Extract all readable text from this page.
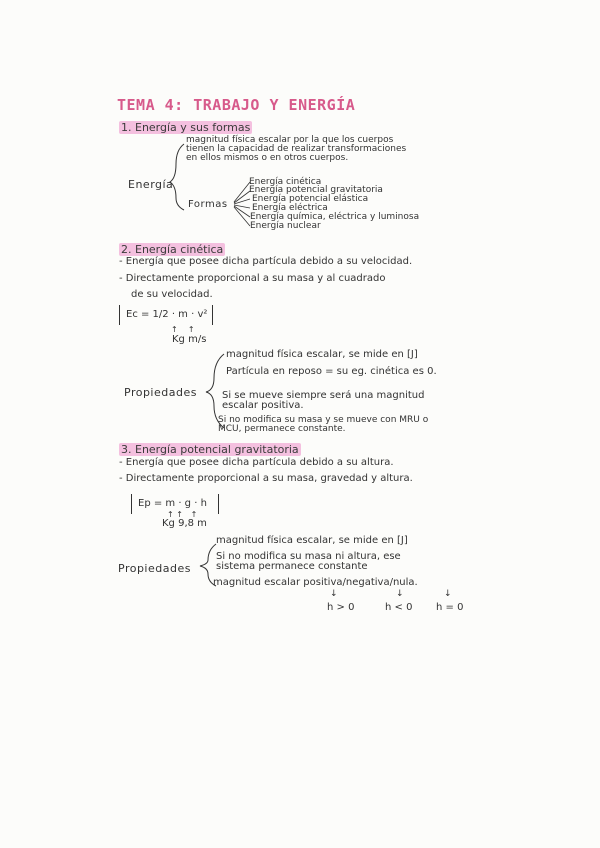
TEMA 4: TRABAJO Y ENERGÍA
1. Energía y sus formas
magnitud física escalar por la que los cuerpos
tienen la capacidad de realizar transformaciones
en ellos mismos o en otros cuerpos.
Energía
Formas
Energía cinética
Energía potencial gravitatoria
Energía potencial elástica
Energía eléctrica
Energía química, eléctrica y luminosa
Energía nuclear
2. Energía cinética
- Energía que posee dicha partícula debido a su velocidad.
- Directamente proporcional a su masa y al cuadrado
de su velocidad.
Ec = 1/2 · m · v²
↑    ↑
Kg m/s
Propiedades
magnitud física escalar, se mide en [J]
Partícula en reposo = su eg. cinética es 0.
Si se mueve siempre será una magnitud
escalar positiva.
Si no modifica su masa y se mueve con MRU o
MCU, permanece constante.
3. Energía potencial gravitatoria
- Energía que posee dicha partícula debido a su altura.
- Directamente proporcional a su masa, gravedad y altura.
Ep = m · g · h
↑ ↑   ↑
Kg 9,8 m
Propiedades
magnitud física escalar, se mide en [J]
Si no modifica su masa ni altura, ese
sistema permanece constante
magnitud escalar positiva/negativa/nula.
↓	↓	↓
h > 0	h < 0 h = 0
